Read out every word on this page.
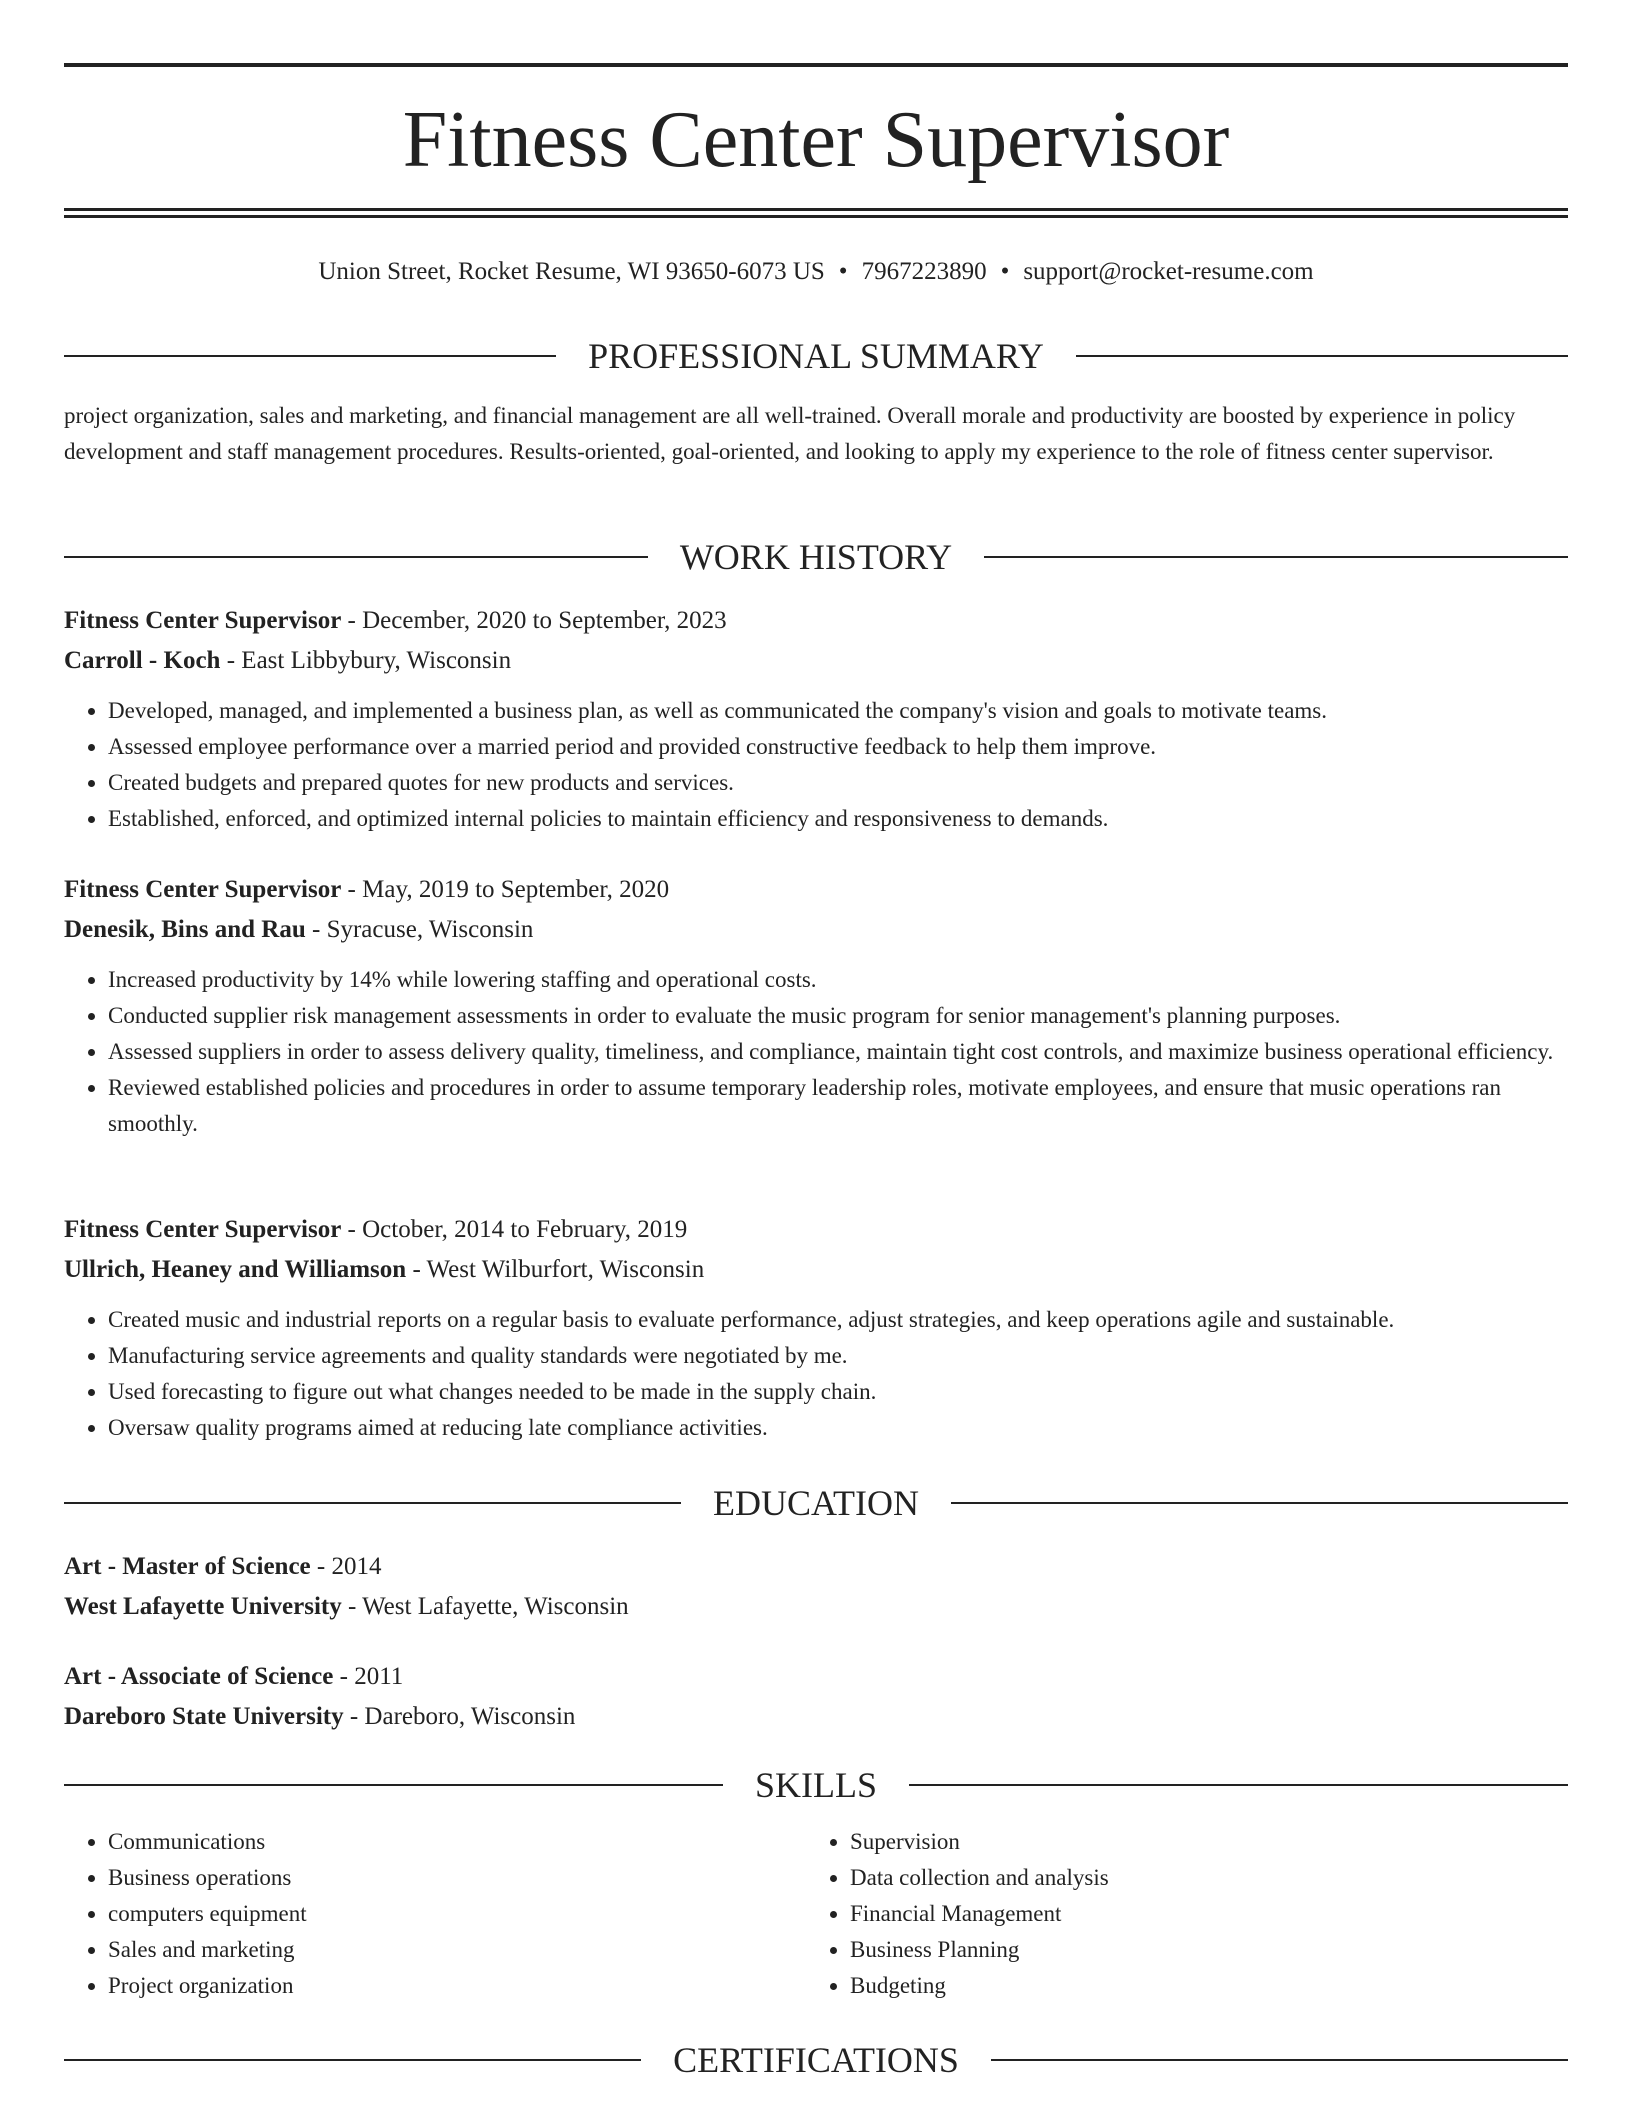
Fitness Center Supervisor
Union Street, Rocket Resume, WI 93650-6073 US • 7967223890 • support@rocket-resume.com
PROFESSIONAL SUMMARY
project organization, sales and marketing, and financial management are all well-trained. Overall morale and productivity are boosted by experience in policy development and staff management procedures. Results-oriented, goal-oriented, and looking to apply my experience to the role of fitness center supervisor.
WORK HISTORY
Fitness Center Supervisor - December, 2020 to September, 2023
Carroll - Koch - East Libbybury, Wisconsin
• Developed, managed, and implemented a business plan, as well as communicated the company's vision and goals to motivate teams.
• Assessed employee performance over a married period and provided constructive feedback to help them improve.
• Created budgets and prepared quotes for new products and services.
• Established, enforced, and optimized internal policies to maintain efficiency and responsiveness to demands.
Fitness Center Supervisor - May, 2019 to September, 2020
Denesik, Bins and Rau - Syracuse, Wisconsin
• Increased productivity by 14% while lowering staffing and operational costs.
• Conducted supplier risk management assessments in order to evaluate the music program for senior management's planning purposes.
• Assessed suppliers in order to assess delivery quality, timeliness, and compliance, maintain tight cost controls, and maximize business operational efficiency.
• Reviewed established policies and procedures in order to assume temporary leadership roles, motivate employees, and ensure that music operations ran smoothly.
Fitness Center Supervisor - October, 2014 to February, 2019
Ullrich, Heaney and Williamson - West Wilburfort, Wisconsin
• Created music and industrial reports on a regular basis to evaluate performance, adjust strategies, and keep operations agile and sustainable.
• Manufacturing service agreements and quality standards were negotiated by me.
• Used forecasting to figure out what changes needed to be made in the supply chain.
• Oversaw quality programs aimed at reducing late compliance activities.
EDUCATION
Art - Master of Science - 2014
West Lafayette University - West Lafayette, Wisconsin
Art - Associate of Science - 2011
Dareboro State University - Dareboro, Wisconsin
SKILLS
• Communications
• Business operations
• computers equipment
• Sales and marketing
• Project organization
• Supervision
• Data collection and analysis
• Financial Management
• Business Planning
• Budgeting
CERTIFICATIONS
